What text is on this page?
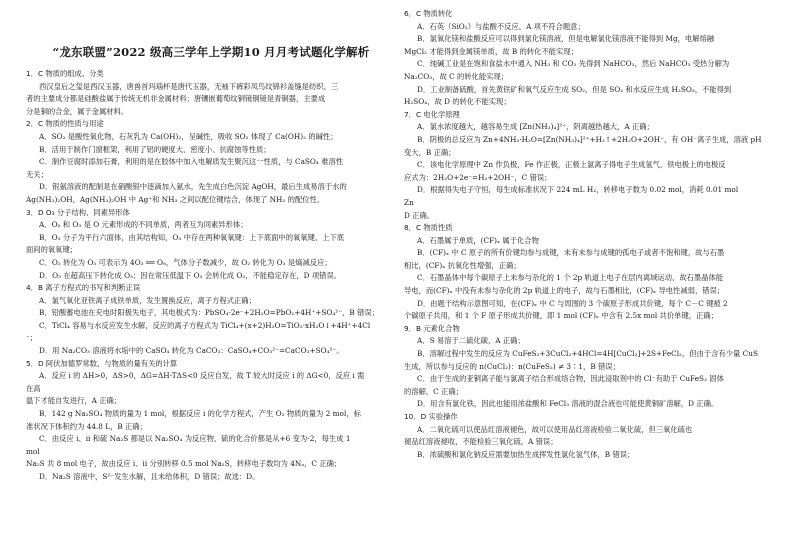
“龙东联盟”2022 级高三学年上学期10 月月考试题化学解析
1．C 物质的组成、分类
西汉皇后之玺是西汉玉器，唐兽首玛瑙杯是唐代玉器，无袖下裤彩凤鸟纹锦衫盖缝是纺织，三
者的主要成分都是硅酸盐属于传统无机非金属材料；唐镶嵌葡萄纹铜镜铜镜是青铜器，主要成
分是铜的合金，属于金属材料。
2．C 物质的性质与用途
A．SO₂ 是酸性氧化物，石灰乳为 Ca(OH)₂，呈碱性，吸收 SO₂ 体现了 Ca(OH)₂ 的碱性；
B．活用于制作门窗框架，利用了铝的硬度大、密度小、抗腐蚀等性质；
C．制作豆腐时添加石膏，利用的是在胶体中加入电解质发生聚沉这一性质，与 CaSO₄ 难溶性
无关；
D．银氨溶液的配制是在硝酸银中逐滴加入氨水，先生成白色沉淀 AgOH，最后生成易溶于水的
Ag(NH₃)₂OH，Ag(NH₃)₂OH 中 Ag⁺和 NH₃ 之间以配位键结合，体现了 NH₃ 的配位性。
3．D O₃ 分子结构、同素异形体
A．O₂ 和 O₃ 是 O 元素形成的不同单质，两者互为同素异形体；
B．O₃ 分子为平行六面体，由其结构知，O₃ 中存在两种氧氧键：上下底面中的氧氧键、上下底
面间的氧氧键；
C．O₂ 转化为 O₃ 可表示为 4O₂ ══ O₈，气体分子数减少，故 O₂ 转化为 O₃ 是熵减反应；
D．O₃ 在超高压下转化成 O₃；因在常压低温下 O₃ 会转化成 O₂，不能稳定存在，D 项错误。
4．B 离子方程式的书写和判断正误
A．氯气氧化亚铁离子成铁单质，发生置换反应，离子方程式正确；
B．铅酸蓄电池在充电时阳极失电子，其电极式为：PbSO₄-2e⁻+2H₂O=PbO₂+4H⁺+SO₄²⁻，B 错误；
C．TiCl₄ 容易与水反应发生水解，反应的离子方程式为 TiCl₄+(x+2)H₂O=TiO₂·xH₂O↓+4H⁺+4Cl
⁻；
D．用 Na₂CO₃ 溶液将水垢中的 CaSO₄ 转化为 CaCO₃：CaSO₄+CO₃²⁻=CaCO₃+SO₄²⁻。
5．D 阿伏加德罗常数、与物质的量有关的计算
A．反应 i 的 ΔH>0，ΔS>0，ΔG=ΔH-TΔS<0 反应自发，故 T 较大时反应 i 的 ΔG<0，反应 i 需
在高
温下才能自发进行，A 正确；
B．142 g Na₂SO₄ 物质的量为 1 mol，根据反应 i 的化学方程式，产生 O₂ 物质的量为 2 mol，标
准状况下体积约为 44.8 L，B 正确；
C．由反应 i、ii 和硫 Na₂S 都是以 Na₂SO₄ 为反应物，硫的化合价都是从+6 变为-2，每生成 1
mol
Na₂S 共 8 mol 电子，故由反应 i、ii 分别转移 0.5 mol Na₂S，转移电子数均为 4Nₐ，C 正确；
D．Na₂S 溶液中，S²⁻发生水解，且未给体积，D 错误；故选：D。
6．C 物质转化
A．石英（SiO₂）与盐酸不反应，A 项不符合题意；
B．氯氧化镁和盐酸反应可以得到氯化镁溶液，但是电解氯化镁溶液不能得到 Mg，电解熔融
MgCl₂ 才能得到金属镁单质，故 B 的转化不能实现；
C．纯碱工业是在饱和食盐水中通入 NH₃ 和 CO₂ 先得到 NaHCO₃，然后 NaHCO₃ 受热分解为
Na₂CO₃，故 C 的转化能实现；
D．工业制备硫酸，首先黄铁矿和氧气反应生成 SO₂，但是 SO₂ 和水反应生成 H₂SO₃，不能得到
H₂SO₄，故 D 的转化不能实现；
7．C 电化学原理
A．氯水浓度越大，越容易生成 [Zn(NH₃)₄]²⁺，阴离越热越大，A 正确；
B．阴极的总反应为 Zn+4NH₃·H₂O=[Zn(NH₃)₄]²⁺+H₂↑+2H₂O+2OH⁻，有 OH⁻离子生成，溶液 pH
变大，B 正确；
C．该电化学原理中 Zn 作负极，Fe 作正极，正极上氯离子得电子生成氢气，铁电极上的电极反
应式为：2H₂O+2e⁻=H₂+2OH⁻，C 错误；
D．根据得失电子守恒，每生成标准状况下 224 mL H₂，转移电子数为 0.02 mol，消耗 0.01 mol
Zn
D 正确。
8．C 物质性质
A．石墨属于单质，(CF)ₓ 属于化合物
B．(CF)ₓ 中 C 原子的所有价键均参与成键，未有未参与成键的孤电子或者不饱和键，故与石墨
相比，(CF)ₓ 抗氧化性增强，正确；
C．石墨晶体中每个碳原子上未参与杂化的 1 个 2p 轨道上电子在层内离域运动，故石墨晶体能
导电，而(CF)ₓ 中没有未参与杂化的 2p 轨道上的电子，故与石墨相比，(CF)ₓ 导电性减弱，错误；
D．由题干结构示意图可知，在(CF)ₓ 中 C 与周围的 3 个碳原子形成共价键，每个 C－C 键被 2
个碳原子共用，和 1 个 F 原子形成共价键，即 1 mol (CF)ₓ 中含有 2.5x mol 共价单键，正确；
9．B 元素化合物
A．S 易溶于二硫化碳，A 正确；
B．溶解过程中发生的反应为 CuFeS₂+3CuCl₂+4HCl=4H[CuCl₂]+2S+FeCl₂，但由于含有少量 CuS
生成，所以参与反应的 n(CuCl₂)：n(CuFeS₂) ≠ 3∶1，B 错误；
C．由于生成的亚铜离子能与氯离子结合形成络合物，因此浸取剂中的 Cl⁻有助于 CuFeS₂ 固体
的溶解，C 正确；
D．用含有氯化铁，因此也能用浓盐酸和 FeCl₃ 溶液的混合液也可能使黄铜矿溶解，D 正确。
10．D 实验操作
A．二氧化硫可以使品红溶液褪色，故可以使用品红溶液检验二氧化硫，但三氧化硫也
褪品红溶液褪收，不能检验三氧化硫，A 错误；
B．浓硫酸和氯化钠反应需要加热生成挥发性氯化氢气体，B 错误；
